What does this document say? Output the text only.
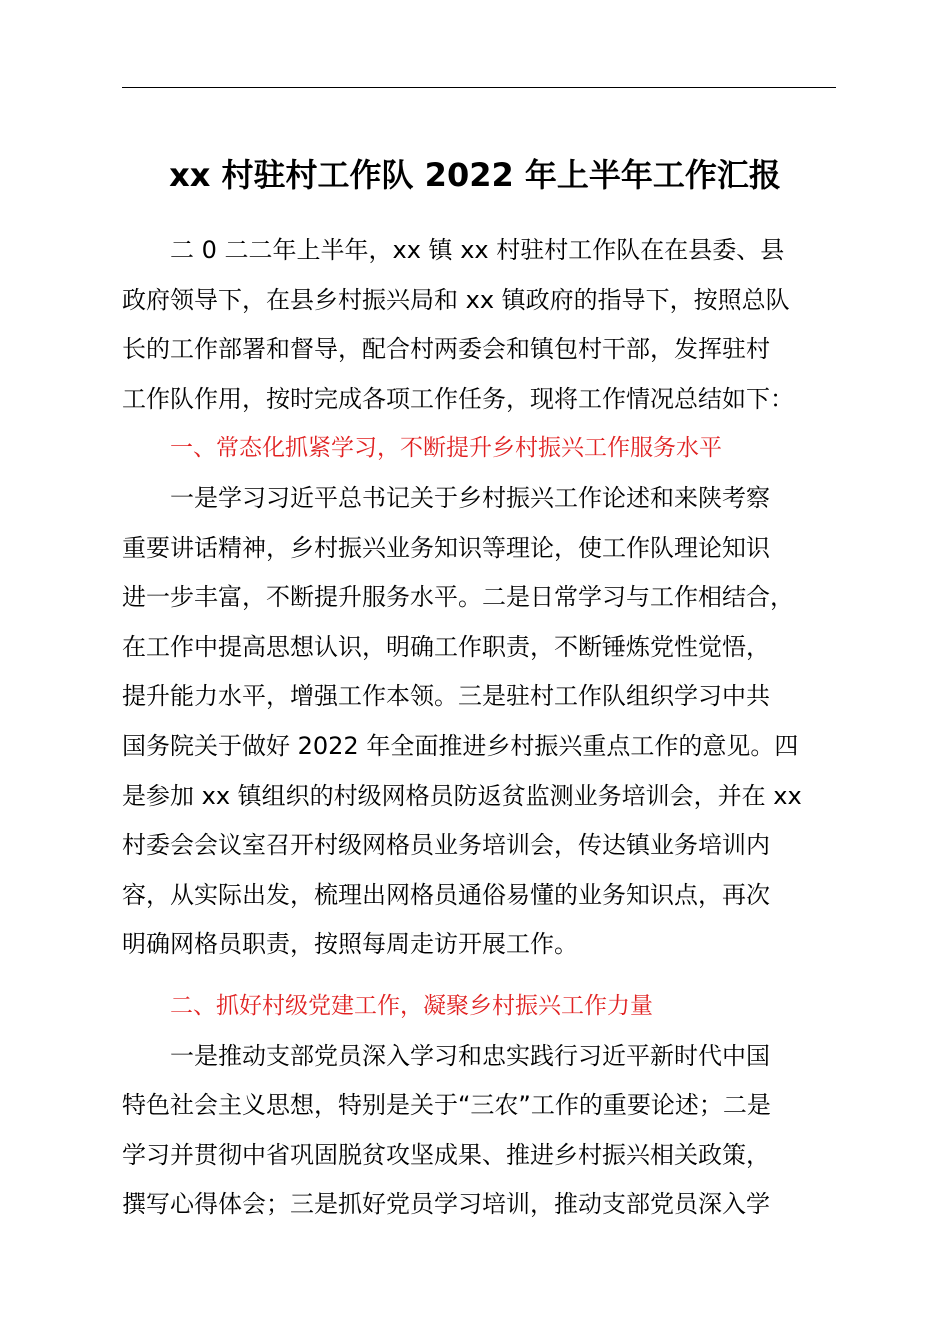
xx 村驻村工作队 2022 年上半年工作汇报
二 0 二二年上半年，xx 镇 xx 村驻村工作队在在县委、县
政府领导下，在县乡村振兴局和 xx 镇政府的指导下，按照总队
长的工作部署和督导，配合村两委会和镇包村干部，发挥驻村
工作队作用，按时完成各项工作任务，现将工作情况总结如下：
一、常态化抓紧学习，不断提升乡村振兴工作服务水平
一是学习习近平总书记关于乡村振兴工作论述和来陕考察
重要讲话精神，乡村振兴业务知识等理论，使工作队理论知识
进一步丰富，不断提升服务水平。二是日常学习与工作相结合，
在工作中提高思想认识，明确工作职责，不断锤炼党性觉悟，
提升能力水平，增强工作本领。三是驻村工作队组织学习中共
国务院关于做好 2022 年全面推进乡村振兴重点工作的意见。四
是参加 xx 镇组织的村级网格员防返贫监测业务培训会，并在 xx
村委会会议室召开村级网格员业务培训会，传达镇业务培训内
容，从实际出发，梳理出网格员通俗易懂的业务知识点，再次
明确网格员职责，按照每周走访开展工作。
二、抓好村级党建工作，凝聚乡村振兴工作力量
一是推动支部党员深入学习和忠实践行习近平新时代中国
特色社会主义思想，特别是关于“三农”工作的重要论述；二是
学习并贯彻中省巩固脱贫攻坚成果、推进乡村振兴相关政策，
撰写心得体会；三是抓好党员学习培训，推动支部党员深入学
